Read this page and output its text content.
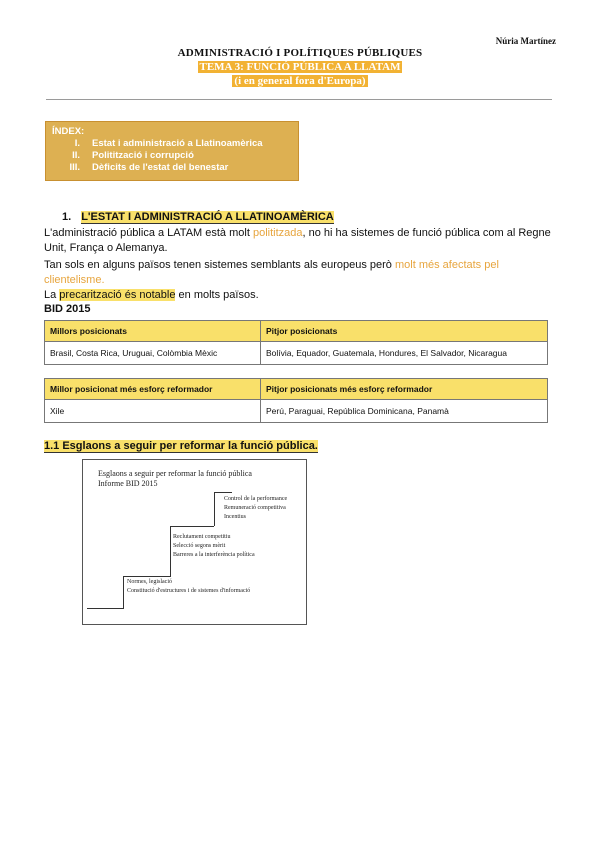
Núria Martínez
ADMINISTRACIÓ I POLÍTIQUES PÚBLIQUES
TEMA 3: FUNCIÓ PÚBLICA A LLATAM
(i en general fora d'Europa)
ÍNDEX:
I.	Estat i administració a Llatinoamèrica
II.	Politització i corrupció
III.	Dèficits de l'estat del benestar
1. L'ESTAT I ADMINISTRACIÓ A LLATINOAMÈRICA
L'administració pública a LATAM està molt polititzada, no hi ha sistemes de funció pública com al Regne Unit, França o Alemanya.
Tan sols en alguns països tenen sistemes semblants als europeus però molt més afectats pel clientelisme.
La precarització és notable en molts països.
BID 2015
Millors posicionats	Pitjor posicionats
Brasil, Costa Rica, Uruguai, Colòmbia Mèxic	Bolívia, Equador, Guatemala, Hondures, El Salvador, Nicaragua
Millor posicionat més esforç reformador	Pitjor posicionats més esforç reformador
Xile	Perú, Paraguai, República Dominicana, Panamà
1.1 Esglaons a seguir per reformar la funció pública.
Esglaons a seguir per reformar la funció pública
Informe BID 2015
Control de la performance
Remuneració competitiva
Incentius
Reclutament competitiu
Selecció segons mèrit
Barreres a la interferència política
Normes, legislació
Constitució d'estructures i de sistemes d'informació
